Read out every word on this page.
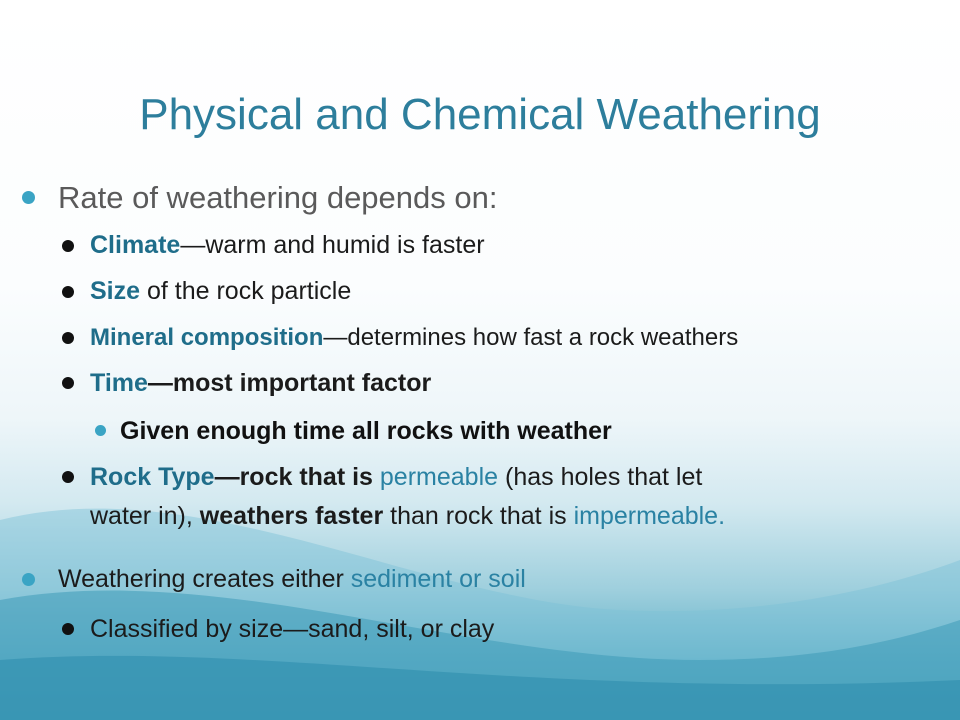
Physical and Chemical Weathering
Rate of weathering depends on:
Climate—warm and humid is faster
Size of the rock particle
Mineral composition—determines how fast a rock weathers
Time—most important factor
Given enough time all rocks with weather
Rock Type—rock that is permeable (has holes that let
water in), weathers faster than rock that is impermeable.
Weathering creates either sediment or soil
Classified by size—sand, silt, or clay
